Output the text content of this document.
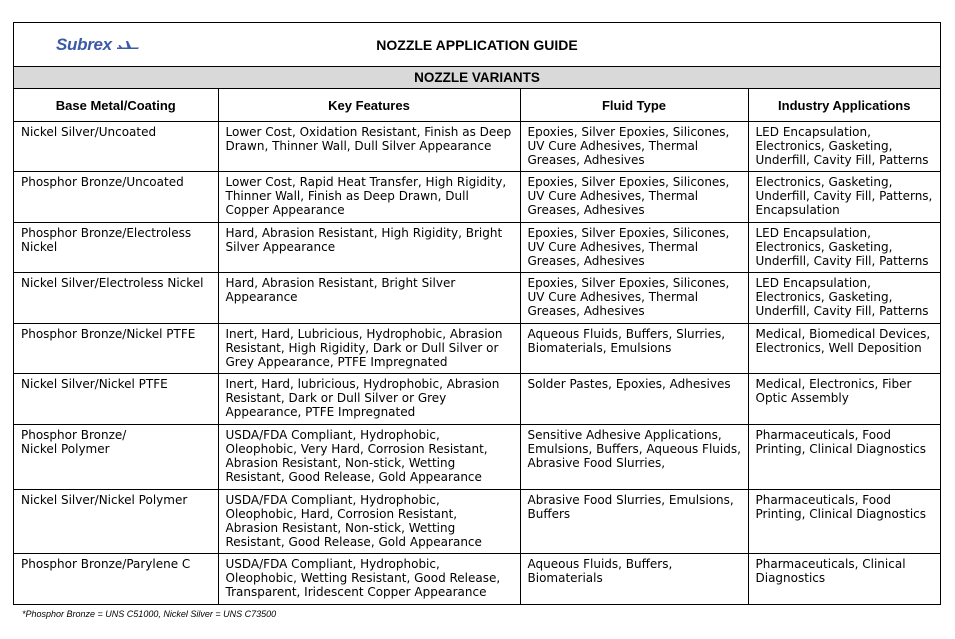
Subrex	NOZZLE APPLICATION GUIDE
NOZZLE VARIANTS
Base Metal/Coating	Key Features	Fluid Type	Industry Applications
Nickel Silver/Uncoated	Lower Cost, Oxidation Resistant, Finish as Deep Drawn, Thinner Wall, Dull Silver Appearance	Epoxies, Silver Epoxies, Silicones, UV Cure Adhesives, Thermal Greases, Adhesives	LED Encapsulation, Electronics, Gasketing, Underfill, Cavity Fill, Patterns
Phosphor Bronze/Uncoated	Lower Cost, Rapid Heat Transfer, High Rigidity, Thinner Wall, Finish as Deep Drawn, Dull Copper Appearance	Epoxies, Silver Epoxies, Silicones, UV Cure Adhesives, Thermal Greases, Adhesives	Electronics, Gasketing, Underfill, Cavity Fill, Patterns, Encapsulation
Phosphor Bronze/Electroless Nickel	Hard, Abrasion Resistant, High Rigidity, Bright Silver Appearance	Epoxies, Silver Epoxies, Silicones, UV Cure Adhesives, Thermal Greases, Adhesives	LED Encapsulation, Electronics, Gasketing, Underfill, Cavity Fill, Patterns
Nickel Silver/Electroless Nickel	Hard, Abrasion Resistant, Bright Silver Appearance	Epoxies, Silver Epoxies, Silicones, UV Cure Adhesives, Thermal Greases, Adhesives	LED Encapsulation, Electronics, Gasketing, Underfill, Cavity Fill, Patterns
Phosphor Bronze/Nickel PTFE	Inert, Hard, Lubricious, Hydrophobic, Abrasion Resistant, High Rigidity, Dark or Dull Silver or Grey Appearance, PTFE Impregnated	Aqueous Fluids, Buffers, Slurries, Biomaterials, Emulsions	Medical, Biomedical Devices, Electronics, Well Deposition
Nickel Silver/Nickel PTFE	Inert, Hard, lubricious, Hydrophobic, Abrasion Resistant, Dark or Dull Silver or Grey Appearance, PTFE Impregnated	Solder Pastes, Epoxies, Adhesives	Medical, Electronics, Fiber Optic Assembly
Phosphor Bronze/
Nickel Polymer	USDA/FDA Compliant, Hydrophobic, Oleophobic, Very Hard, Corrosion Resistant, Abrasion Resistant, Non-stick, Wetting Resistant, Good Release, Gold Appearance	Sensitive Adhesive Applications, Emulsions, Buffers, Aqueous Fluids, Abrasive Food Slurries,	Pharmaceuticals, Food Printing, Clinical Diagnostics
Nickel Silver/Nickel Polymer	USDA/FDA Compliant, Hydrophobic, Oleophobic, Hard, Corrosion Resistant, Abrasion Resistant, Non-stick, Wetting Resistant, Good Release, Gold Appearance	Abrasive Food Slurries, Emulsions, Buffers	Pharmaceuticals, Food Printing, Clinical Diagnostics
Phosphor Bronze/Parylene C	USDA/FDA Compliant, Hydrophobic, Oleophobic, Wetting Resistant, Good Release, Transparent, Iridescent Copper Appearance	Aqueous Fluids, Buffers, Biomaterials	Pharmaceuticals, Clinical Diagnostics
*Phosphor Bronze = UNS C51000, Nickel Silver = UNS C73500
